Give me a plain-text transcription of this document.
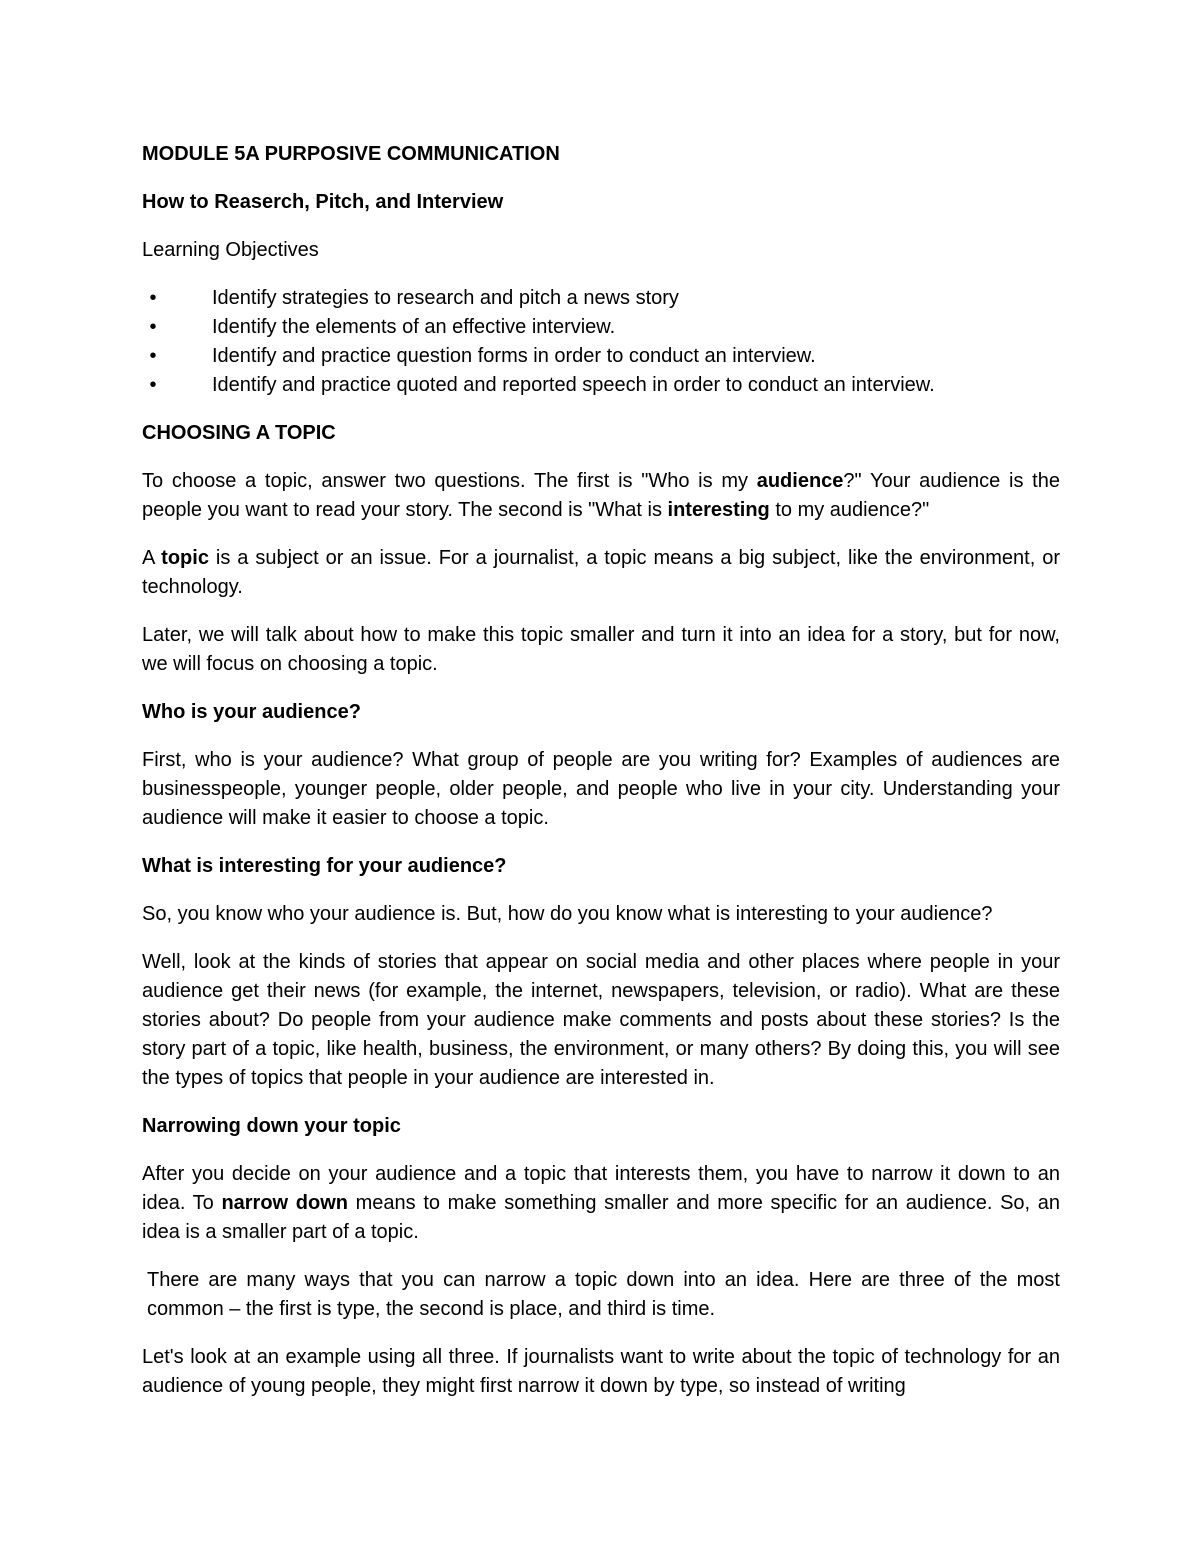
MODULE 5A PURPOSIVE COMMUNICATION
How to Reaserch, Pitch, and Interview
Learning Objectives
•	Identify strategies to research and pitch a news story
•	Identify the elements of an effective interview.
•	Identify and practice question forms in order to conduct an interview.
•	Identify and practice quoted and reported speech in order to conduct an interview.
CHOOSING A TOPIC
To choose a topic, answer two questions. The first is "Who is my audience?" Your audience is the people you want to read your story. The second is "What is interesting to my audience?"
A topic is a subject or an issue. For a journalist, a topic means a big subject, like the environment, or technology.
Later, we will talk about how to make this topic smaller and turn it into an idea for a story, but for now, we will focus on choosing a topic.
Who is your audience?
First, who is your audience? What group of people are you writing for? Examples of audiences are businesspeople, younger people, older people, and people who live in your city. Understanding your audience will make it easier to choose a topic.
What is interesting for your audience?
So, you know who your audience is. But, how do you know what is interesting to your audience?
Well, look at the kinds of stories that appear on social media and other places where people in your audience get their news (for example, the internet, newspapers, television, or radio). What are these stories about? Do people from your audience make comments and posts about these stories? Is the story part of a topic, like health, business, the environment, or many others? By doing this, you will see the types of topics that people in your audience are interested in.
Narrowing down your topic
After you decide on your audience and a topic that interests them, you have to narrow it down to an idea. To narrow down means to make something smaller and more specific for an audience. So, an idea is a smaller part of a topic.
There are many ways that you can narrow a topic down into an idea. Here are three of the most common – the first is type, the second is place, and third is time.
Let's look at an example using all three. If journalists want to write about the topic of technology for an audience of young people, they might first narrow it down by type, so instead of writing
